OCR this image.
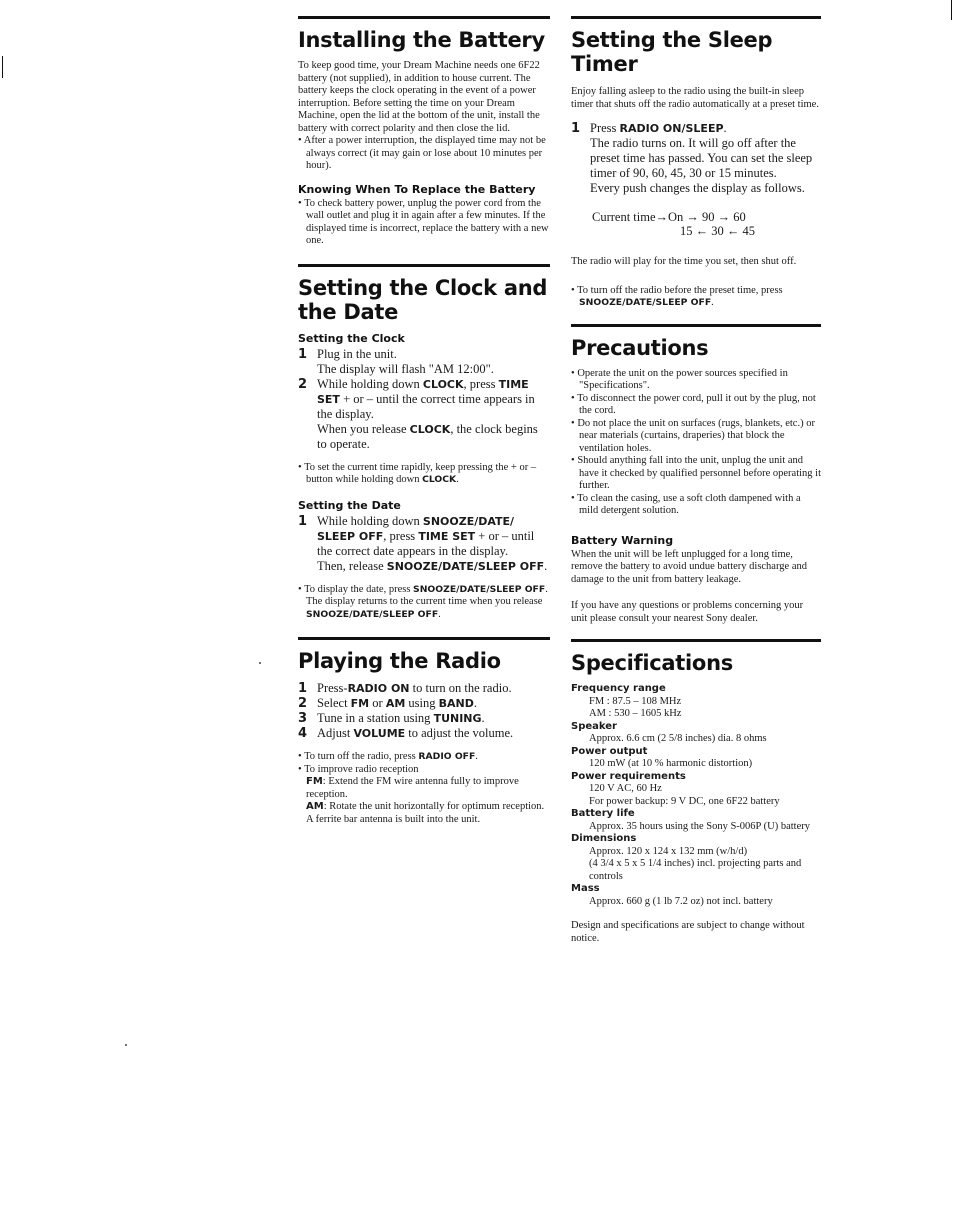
Installing the Battery

To keep good time, your Dream Machine needs one 6F22 battery (not supplied), in addition to house current. The battery keeps the clock operating in the event of a power interruption. Before setting the time on your Dream Machine, open the lid at the bottom of the unit, install the battery with correct polarity and then close the lid.

• After a power interruption, the displayed time may not be always correct (it may gain or lose about 10 minutes per hour).

Knowing When To Replace the Battery

• To check battery power, unplug the power cord from the wall outlet and plug it in again after a few minutes. If the displayed time is incorrect, replace the battery with a new one.

Setting the Clock and the Date
Setting the Clock
1 Plug in the unit.

The display will flash "AM 12:00".

2 While holding down CLOCK, press TIME SET + or – until the correct time appears in the display.

When you release CLOCK, the clock begins to operate.

• To set the current time rapidly, keep pressing the + or – button while holding down CLOCK.

Setting the Date
1 While holding down SNOOZE/DATE/ SLEEP OFF, press TIME SET + or – until the correct date appears in the display.
Then, release SNOOZE/DATE/SLEEP OFF.

• To display the date, press SNOOZE/DATE/SLEEP OFF. The display returns to the current time when you release SNOOZE/DATE/SLEEP OFF.

Playing the Radio
1 Press-RADIO ON to turn on the radio.
2 Select FM or AM using BAND.
3 Tune in a station using TUNING.
4 Adjust VOLUME to adjust the volume.

• To turn off the radio, press RADIO OFF.

• To improve radio reception

FM: Extend the FM wire antenna fully to improve reception.
AM: Rotate the unit horizontally for optimum reception. A ferrite bar antenna is built into the unit.
Setting the Sleep Timer

Enjoy falling asleep to the radio using the built-in sleep timer that shuts off the radio automatically at a preset time.

1 Press RADIO ON/SLEEP.

The radio turns on. It will go off after the preset time has passed. You can set the sleep timer of 90, 60, 45, 30 or 15 minutes.

Every push changes the display as follows.

Current time→On → 90 → 60
15 ← 30 ← 45

The radio will play for the time you set, then shut off.

• To turn off the radio before the preset time, press SNOOZE/DATE/SLEEP OFF.

Precautions

• Operate the unit on the power sources specified in "Specifications".

• To disconnect the power cord, pull it out by the plug, not the cord.

• Do not place the unit on surfaces (rugs, blankets, etc.) or near materials (curtains, draperies) that block the ventilation holes.

• Should anything fall into the unit, unplug the unit and have it checked by qualified personnel before operating it further.

• To clean the casing, use a soft cloth dampened with a mild detergent solution.

Battery Warning

When the unit will be left unplugged for a long time, remove the battery to avoid undue battery discharge and damage to the unit from battery leakage.

If you have any questions or problems concerning your unit please consult your nearest Sony dealer.

Specifications

Frequency range

FM : 87.5 – 108 MHz

AM : 530 – 1605 kHz

Speaker

Approx. 6.6 cm (2 5/8 inches) dia. 8 ohms

Power output

120 mW (at 10 % harmonic distortion)

Power requirements

120 V AC, 60 Hz

For power backup: 9 V DC, one 6F22 battery

Battery life

Approx. 35 hours using the Sony S-006P (U) battery

Dimensions

Approx. 120 x 124 x 132 mm (w/h/d)

(4 3/4 x 5 x 5 1/4 inches) incl. projecting parts and controls

Mass

Approx. 660 g (1 lb 7.2 oz) not incl. battery

Design and specifications are subject to change without notice.
